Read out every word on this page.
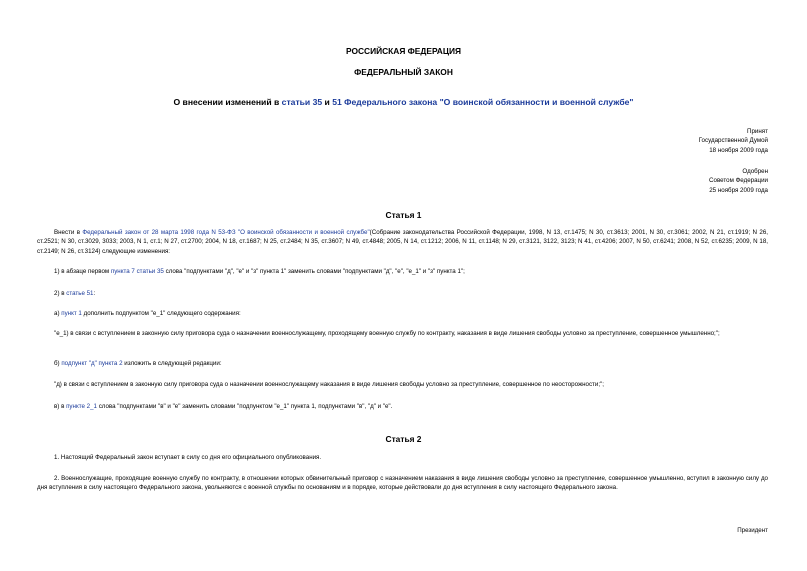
РОССИЙСКАЯ ФЕДЕРАЦИЯ
ФЕДЕРАЛЬНЫЙ ЗАКОН
О внесении изменений в статьи 35 и 51 Федерального закона "О воинской обязанности и военной службе"
Принят
Государственной Думой
18 ноября 2009 года
Одобрен
Советом Федерации
25 ноября 2009 года
Статья 1
Внести в Федеральный закон от 28 марта 1998 года N 53-ФЗ "О воинской обязанности и военной службе"(Собрание законодательства Российской Федерации, 1998, N 13, ст.1475; N 30, ст.3613; 2001, N 30, ст.3061; 2002, N 21, ст.1919; N 26, ст.2521; N 30, ст.3029, 3033; 2003, N 1, ст.1; N 27, ст.2700; 2004, N 18, ст.1687; N 25, ст.2484; N 35, ст.3607; N 49, ст.4848; 2005, N 14, ст.1212; 2006, N 11, ст.1148; N 29, ст.3121, 3122, 3123; N 41, ст.4206; 2007, N 50, ст.6241; 2008, N 52, ст.6235; 2009, N 18, ст.2149; N 26, ст.3124) следующие изменения:
1) в абзаце первом пункта 7 статьи 35 слова "подпунктами "д", "е" и "з" пункта 1" заменить словами "подпунктами "д", "е", "е_1" и "з" пункта 1";
2) в статье 51:
а) пункт 1 дополнить подпунктом "е_1" следующего содержания:
"е_1) в связи с вступлением в законную силу приговора суда о назначении военнослужащему, проходящему военную службу по контракту, наказания в виде лишения свободы условно за преступление, совершенное умышленно;";
б) подпункт "д" пункта 2 изложить в следующей редакции:
"д) в связи с вступлением в законную силу приговора суда о назначении военнослужащему наказания в виде лишения свободы условно за преступление, совершенное по неосторожности;";
в) в пункте 2_1 слова "подпунктами "в" и "е" заменить словами "подпунктом "е_1" пункта 1, подпунктами "в", "д" и "е".
Статья 2
1. Настоящий Федеральный закон вступает в силу со дня его официального опубликования.
2. Военнослужащие, проходящие военную службу по контракту, в отношении которых обвинительный приговор с назначением наказания в виде лишения свободы условно за преступление, совершенное умышленно, вступил в законную силу до дня вступления в силу настоящего Федерального закона, увольняются с военной службы по основаниям и в порядке, которые действовали до дня вступления в силу настоящего Федерального закона.
Президент
